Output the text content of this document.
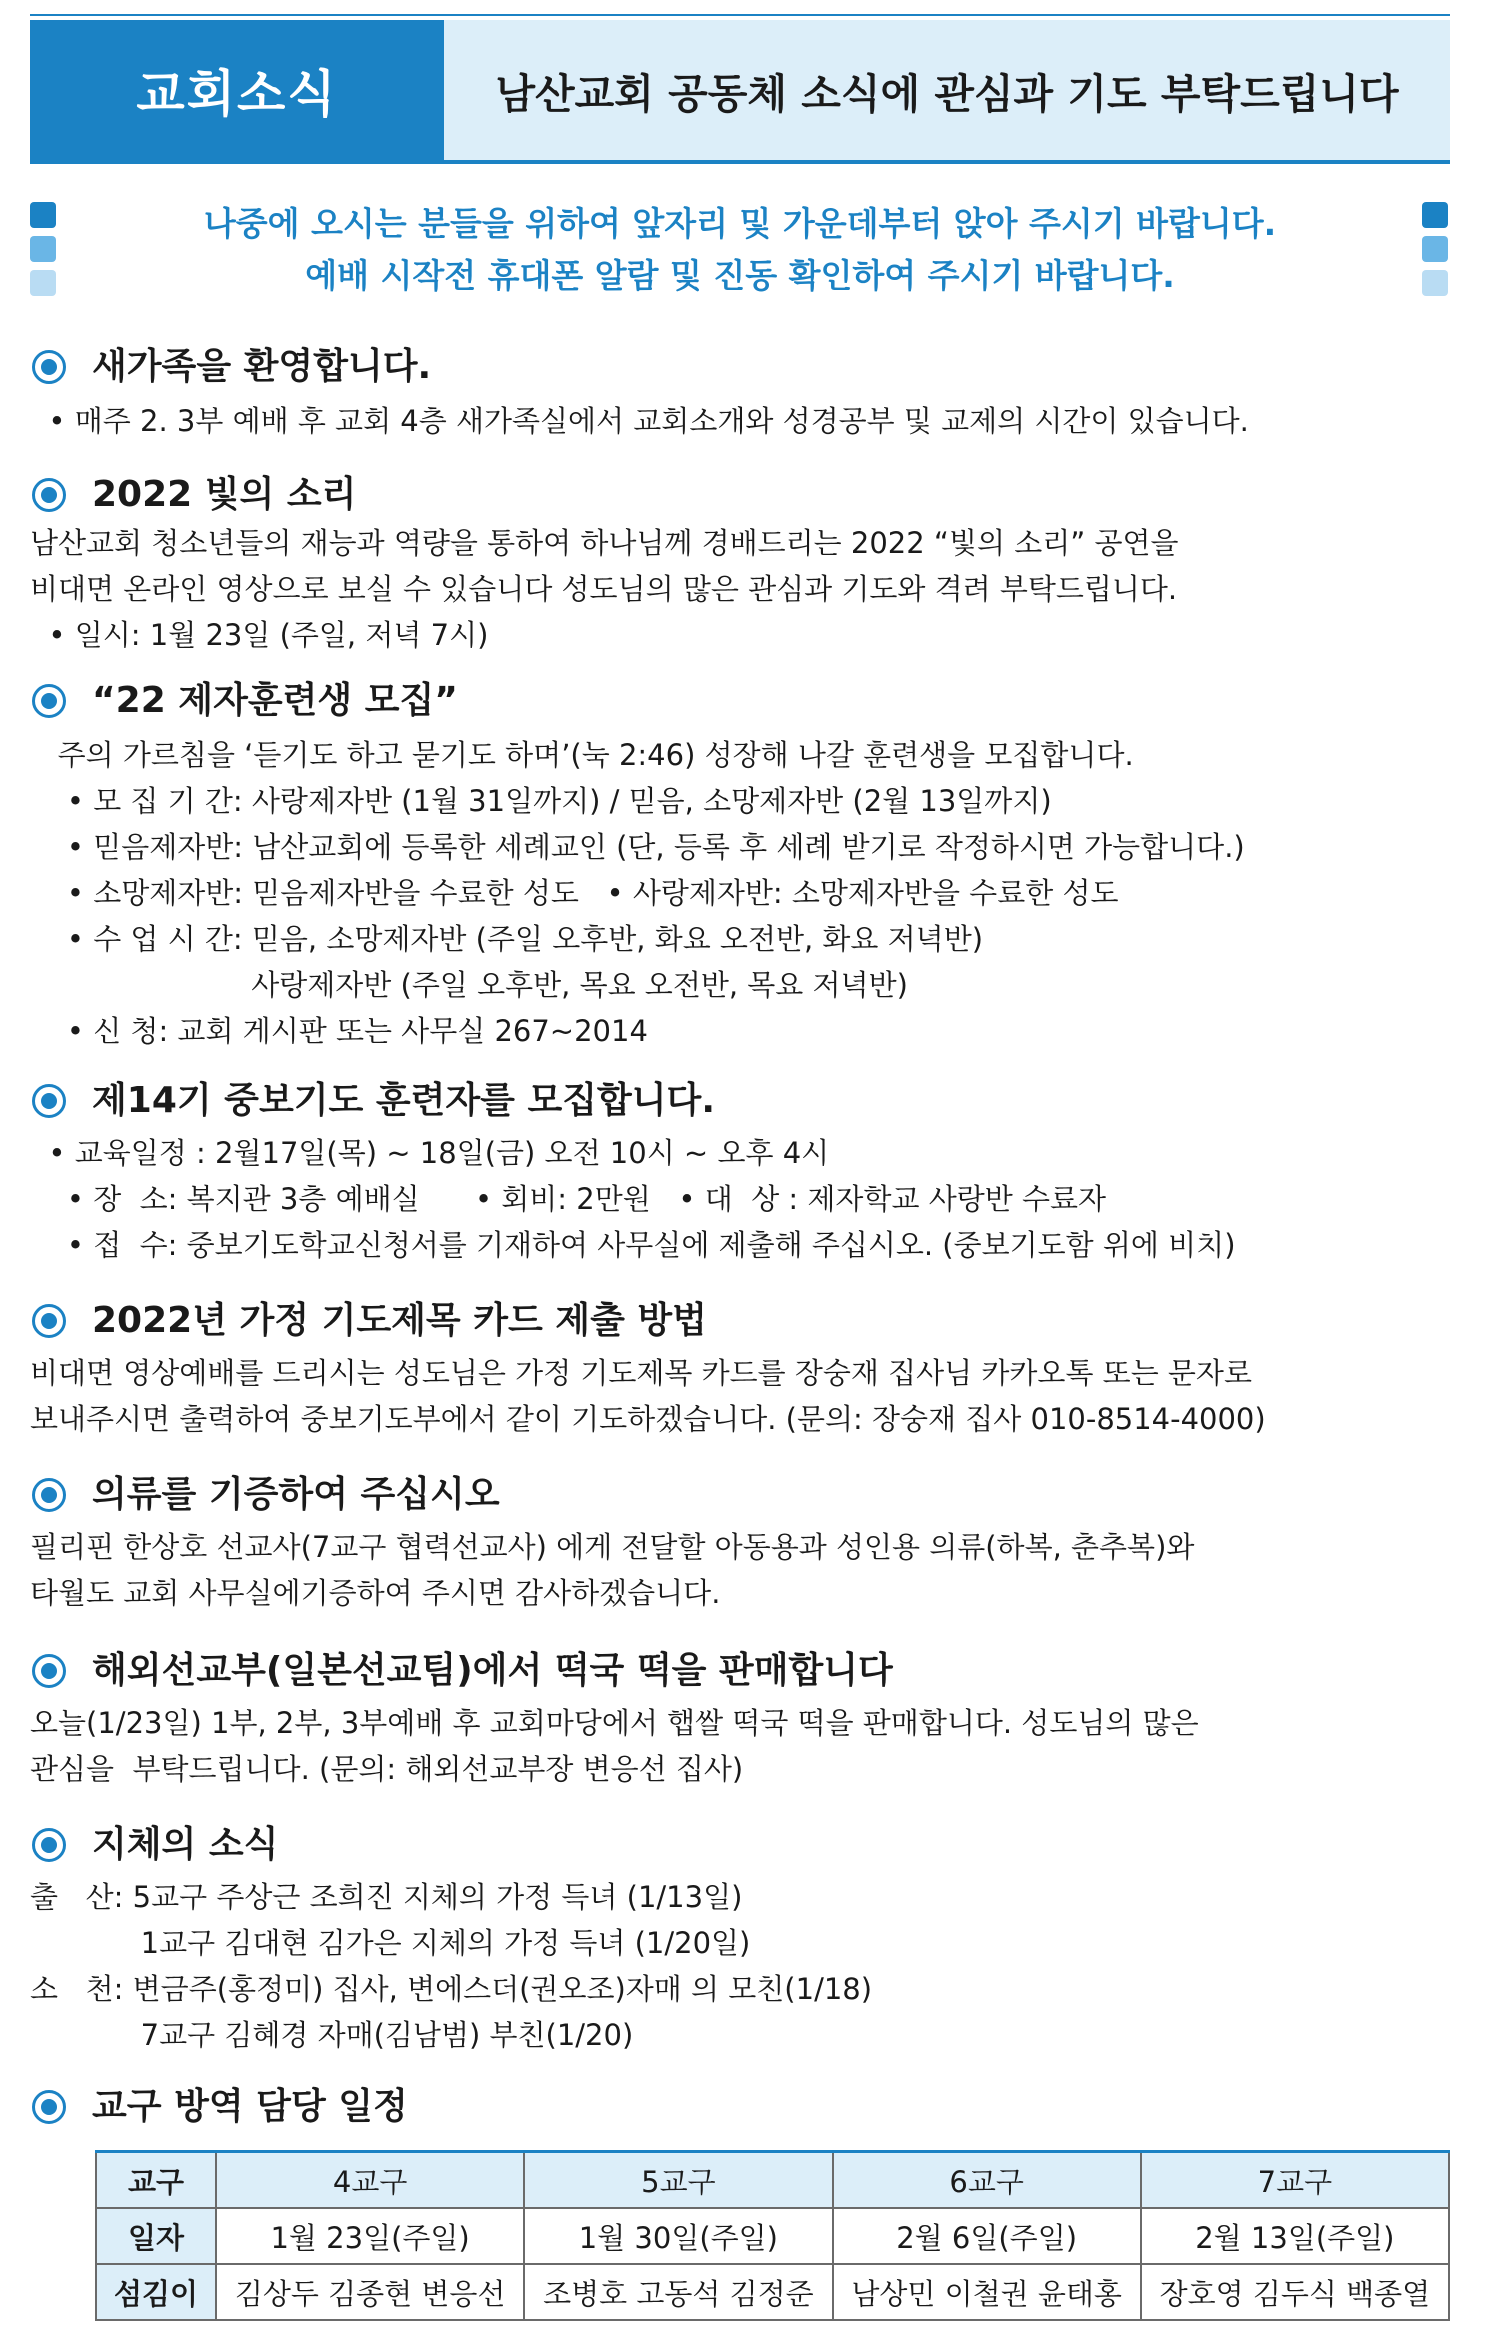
교회소식	남산교회 공동체 소식에 관심과 기도 부탁드립니다
나중에 오시는 분들을 위하여 앞자리 및 가운데부터 앉아 주시기 바랍니다.
예배 시작전 휴대폰 알람 및 진동 확인하여 주시기 바랍니다.
새가족을 환영합니다.
• 매주 2. 3부 예배 후 교회 4층 새가족실에서 교회소개와 성경공부 및 교제의 시간이 있습니다.
2022 빛의 소리
남산교회 청소년들의 재능과 역량을 통하여 하나님께 경배드리는 2022 “빛의 소리” 공연을
비대면 온라인 영상으로 보실 수 있습니다 성도님의 많은 관심과 기도와 격려 부탁드립니다.
• 일시: 1월 23일 (주일, 저녁 7시)
“22 제자훈련생 모집”
주의 가르침을 ‘듣기도 하고 묻기도 하며’(눅 2:46) 성장해 나갈 훈련생을 모집합니다.
• 모 집 기 간: 사랑제자반 (1월 31일까지) / 믿음, 소망제자반 (2월 13일까지)
• 믿음제자반: 남산교회에 등록한 세례교인 (단, 등록 후 세례 받기로 작정하시면 가능합니다.)
• 소망제자반: 믿음제자반을 수료한 성도   • 사랑제자반: 소망제자반을 수료한 성도
• 수 업 시 간: 믿음, 소망제자반 (주일 오후반, 화요 오전반, 화요 저녁반)
사랑제자반 (주일 오후반, 목요 오전반, 목요 저녁반)
• 신 청: 교회 게시판 또는 사무실 267~2014
제14기 중보기도 훈련자를 모집합니다.
• 교육일정 : 2월17일(목) ~ 18일(금) 오전 10시 ~ 오후 4시
• 장  소: 복지관 3층 예배실      • 회비: 2만원   • 대  상 : 제자학교 사랑반 수료자
• 접  수: 중보기도학교신청서를 기재하여 사무실에 제출해 주십시오. (중보기도함 위에 비치)
2022년 가정 기도제목 카드 제출 방법
비대면 영상예배를 드리시는 성도님은 가정 기도제목 카드를 장숭재 집사님 카카오톡 또는 문자로
보내주시면 출력하여 중보기도부에서 같이 기도하겠습니다. (문의: 장숭재 집사 010-8514-4000)
의류를 기증하여 주십시오
필리핀 한상호 선교사(7교구 협력선교사) 에게 전달할 아동용과 성인용 의류(하복, 춘추복)와
타월도 교회 사무실에기증하여 주시면 감사하겠습니다.
해외선교부(일본선교팀)에서 떡국 떡을 판매합니다
오늘(1/23일) 1부, 2부, 3부예배 후 교회마당에서 햅쌀 떡국 떡을 판매합니다. 성도님의 많은
관심을  부탁드립니다. (문의: 해외선교부장 변응선 집사)
지체의 소식
출   산: 5교구 주상근 조희진 지체의 가정 득녀 (1/13일)
1교구 김대현 김가은 지체의 가정 득녀 (1/20일)
소   천: 변금주(홍정미) 집사, 변에스더(권오조)자매 의 모친(1/18)
7교구 김혜경 자매(김남범) 부친(1/20)
교구 방역 담당 일정
교구	4교구	5교구	6교구	7교구
일자	1월 23일(주일)	1월 30일(주일)	2월 6일(주일)	2월 13일(주일)
섬김이	김상두 김종현 변응선	조병호 고동석 김정준	남상민 이철권 윤태홍	장호영 김두식 백종열
